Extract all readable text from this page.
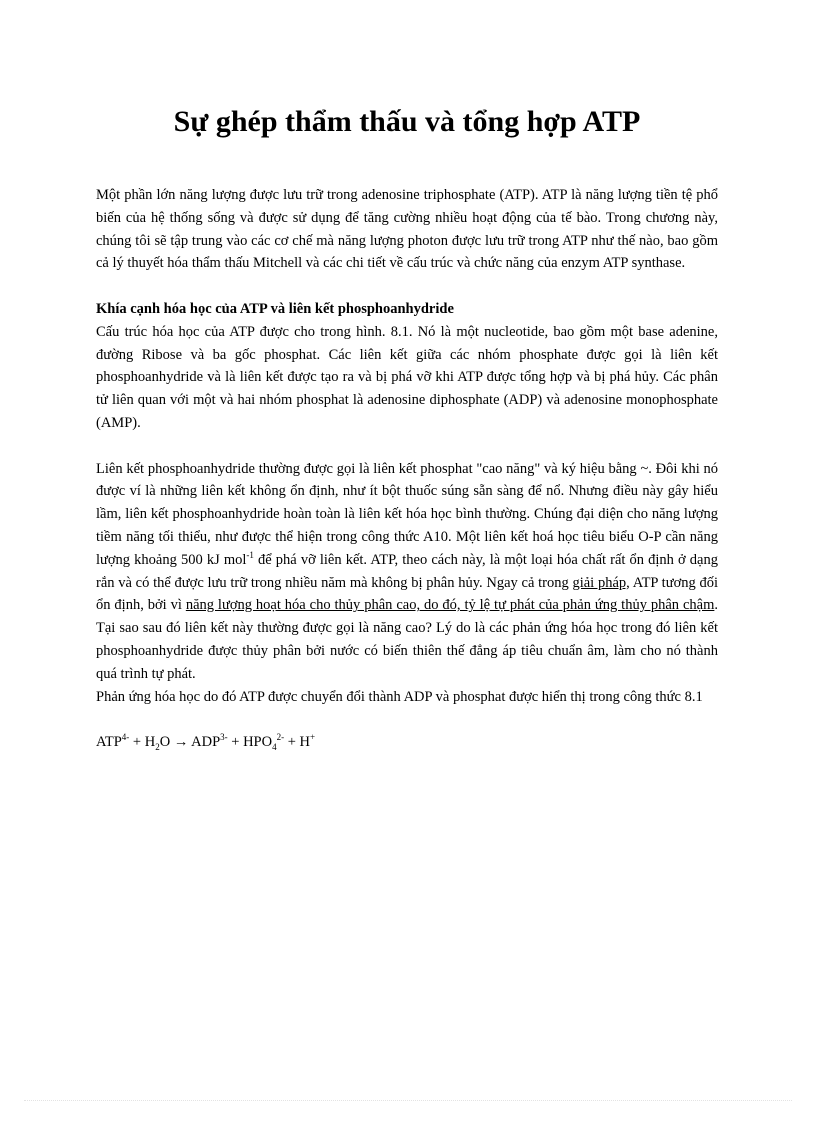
Sự ghép thẩm thấu và tổng hợp ATP

Một phần lớn năng lượng được lưu trữ trong adenosine triphosphate (ATP). ATP là năng lượng tiền tệ phổ biến của hệ thống sống và được sử dụng để tăng cường nhiều hoạt động của tế bào. Trong chương này, chúng tôi sẽ tập trung vào các cơ chế mà năng lượng photon được lưu trữ trong ATP như thế nào, bao gồm cả lý thuyết hóa thẩm thấu Mitchell và các chi tiết về cấu trúc và chức năng của enzym ATP synthase.

Khía cạnh hóa học của ATP và liên kết phosphoanhydride

Cấu trúc hóa học của ATP được cho trong hình. 8.1. Nó là một nucleotide, bao gồm một base adenine, đường Ribose và ba gốc phosphat. Các liên kết giữa các nhóm phosphate được gọi là liên kết phosphoanhydride và là liên kết được tạo ra và bị phá vỡ khi ATP được tổng hợp và bị phá hủy. Các phân tử liên quan với một và hai nhóm phosphat là adenosine diphosphate (ADP) và adenosine monophosphate (AMP).

Liên kết phosphoanhydride thường được gọi là liên kết phosphat "cao năng" và ký hiệu bằng ~. Đôi khi nó được ví là những liên kết không ổn định, như ít bột thuốc súng sẵn sàng để nổ. Nhưng điều này gây hiểu lầm, liên kết phosphoanhydride hoàn toàn là liên kết hóa học bình thường. Chúng đại diện cho năng lượng tiềm năng tối thiểu, như được thể hiện trong công thức A10. Một liên kết hoá học tiêu biểu O-P cần năng lượng khoảng 500 kJ mol$^{-1}$ để phá vỡ liên kết. ATP, theo cách này, là một loại hóa chất rất ổn định ở dạng rắn và có thể được lưu trữ trong nhiều năm mà không bị phân hủy. Ngay cả trong giải pháp, ATP tương đối ổn định, bởi vì năng lượng hoạt hóa cho thủy phân cao, do đó, tỷ lệ tự phát của phản ứng thủy phân chậm. Tại sao sau đó liên kết này thường được gọi là năng cao? Lý do là các phản ứng hóa học trong đó liên kết phosphoanhydride được thủy phân bởi nước có biến thiên thế đẳng áp tiêu chuẩn âm, làm cho nó thành quá trình tự phát.

Phản ứng hóa học do đó ATP được chuyển đổi thành ADP và phosphat được hiển thị trong công thức 8.1

$ATP^{4-} + H_2O \to ADP^{3-} + HPO_4^{2-} + H^+$
